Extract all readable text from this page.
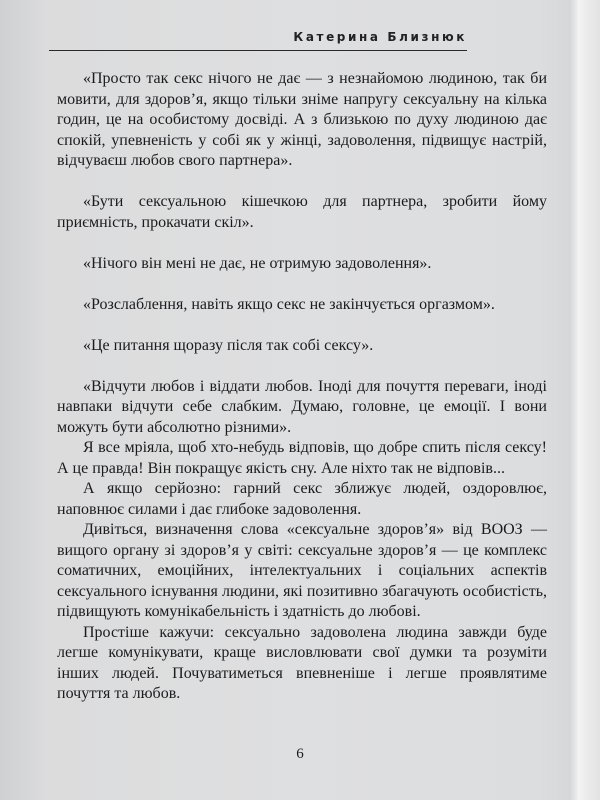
Катерина Близнюк

«Просто так секс нічого не дає — з незнайомою людиною, так би мовити, для здоров’я, якщо тільки зніме напругу сексуальну на кілька годин, це на особистому досвіді. А з близькою по духу людиною дає спокій, упевненість у собі як у жінці, задоволення, підвищує настрій, відчуваєш любов свого партнера».

«Бути сексуальною кішечкою для партнера, зробити йому приємність, прокачати скіл».

«Нічого він мені не дає, не отримую задоволення».

«Розслаблення, навіть якщо секс не закінчується оргазмом».

«Це питання щоразу після так собі сексу».

«Відчути любов і віддати любов. Іноді для почуття переваги, іноді навпаки відчути себе слабким. Думаю, головне, це емоції. І вони можуть бути абсолютно різними».

Я все мріяла, щоб хто-небудь відповів, що добре спить після сексу! А це правда! Він покращує якість сну. Але ніхто так не відповів...

А якщо серйозно: гарний секс зближує людей, оздоровлює, наповнює силами і дає глибоке задоволення.

Дивіться, визначення слова «сексуальне здоров’я» від ВООЗ — вищого органу зі здоров’я у світі: сексуальне здоров’я — це комплекс соматичних, емоційних, інтелектуальних і соціальних аспектів сексуального існування людини, які позитивно збагачують особистість, підвищують комунікабельність і здатність до любові.

Простіше кажучи: сексуально задоволена людина завжди буде легше комунікувати, краще висловлювати свої думки та розуміти інших людей. Почуватиметься впевненіше і легше проявлятиме почуття та любов.

6
